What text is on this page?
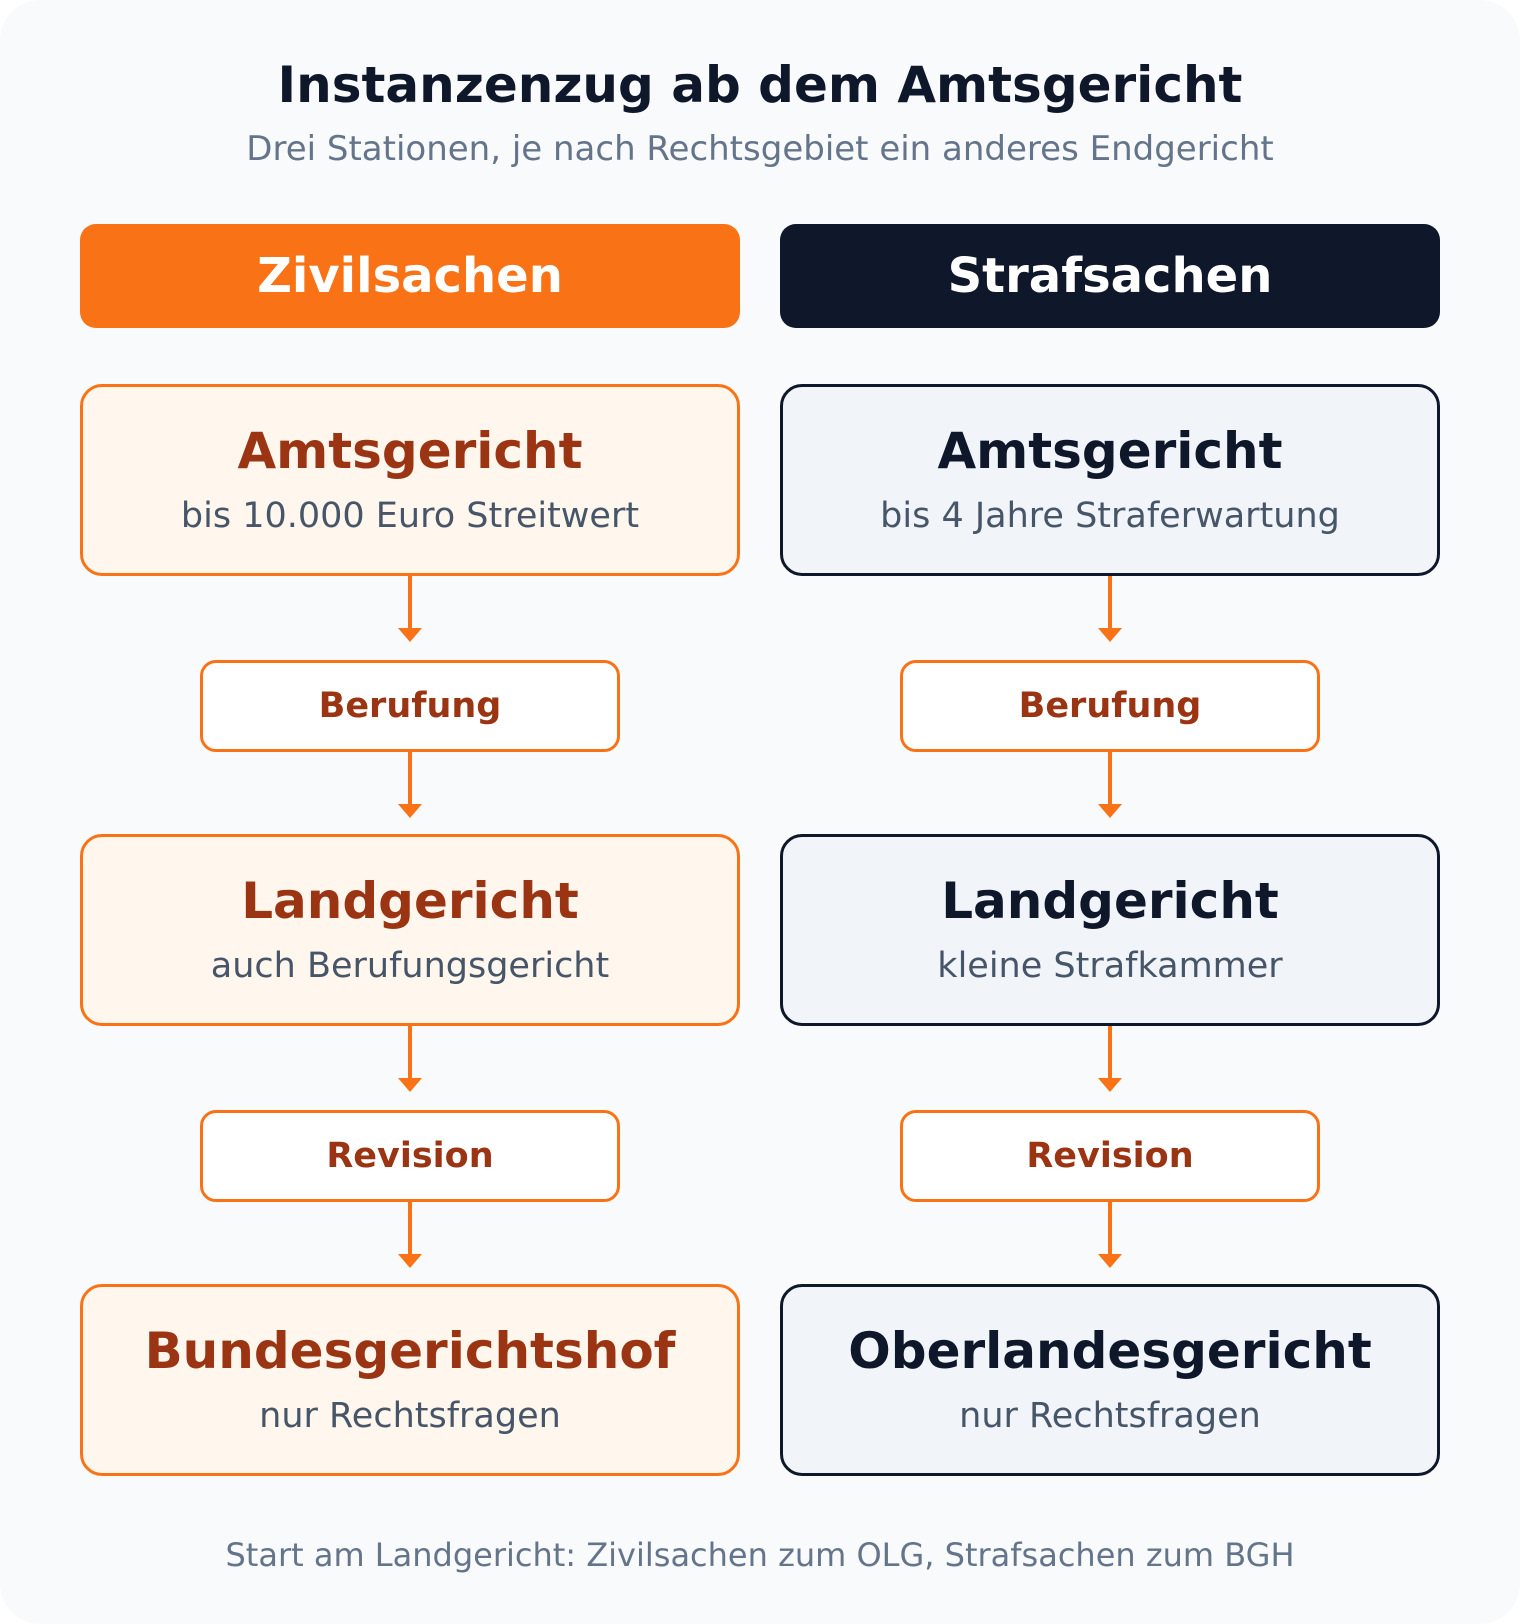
Instanzenzug ab dem Amtsgericht
Drei Stationen, je nach Rechtsgebiet ein anderes Endgericht
Zivilsachen	Strafsachen
Amtsgericht
bis 10.000 Euro Streitwert
Berufung
Landgericht
auch Berufungsgericht
Revision
Bundesgerichtshof
nur Rechtsfragen
Amtsgericht
bis 4 Jahre Straferwartung
Berufung
Landgericht
kleine Strafkammer
Revision
Oberlandesgericht
nur Rechtsfragen
Start am Landgericht: Zivilsachen zum OLG, Strafsachen zum BGH
